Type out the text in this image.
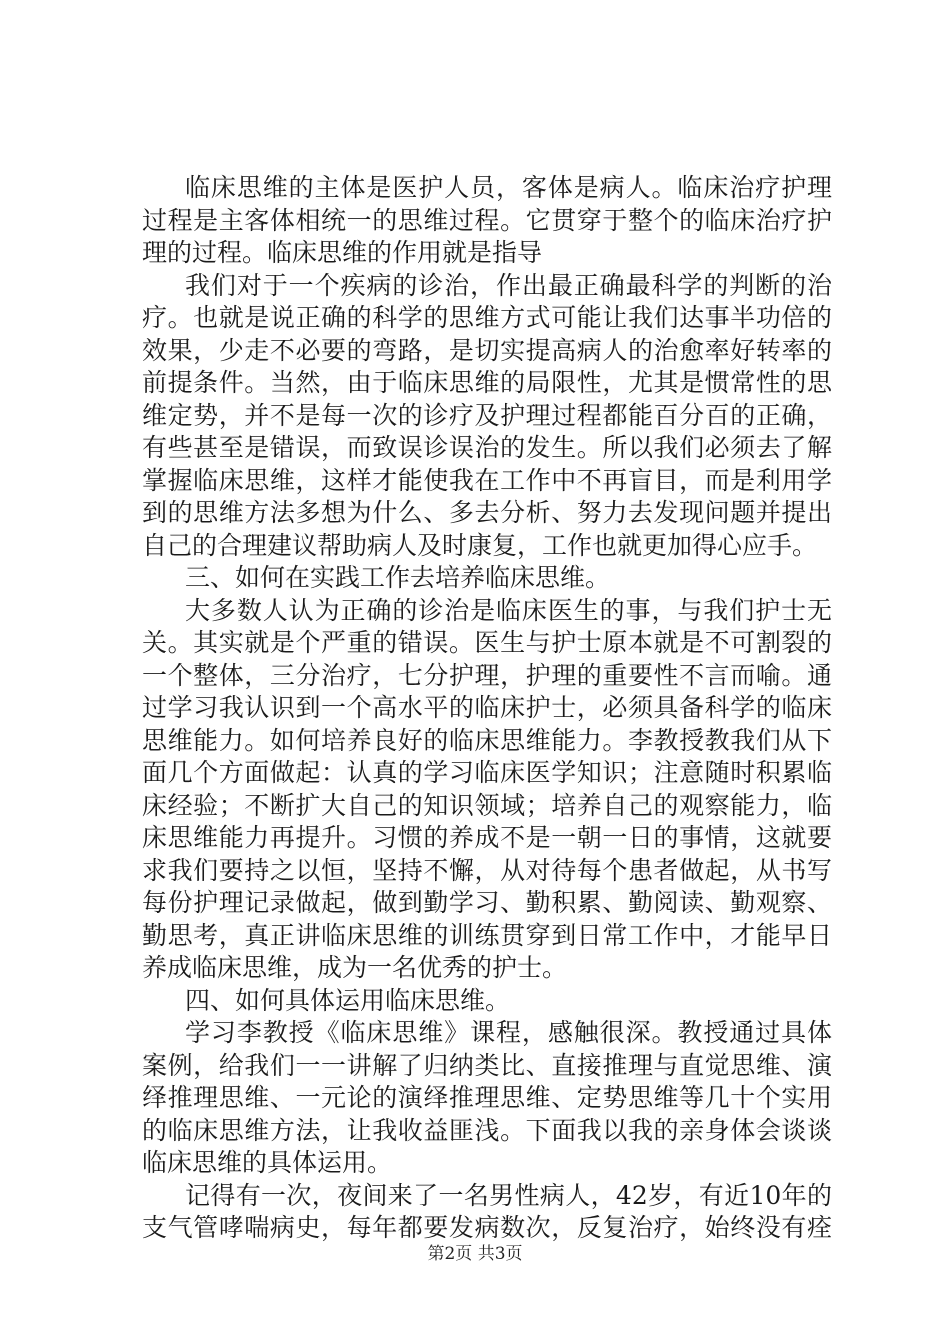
临床思维的主体是医护人员，客体是病人。临床治疗护理
过程是主客体相统一的思维过程。它贯穿于整个的临床治疗护
理的过程。临床思维的作用就是指导
我们对于一个疾病的诊治，作出最正确最科学的判断的治
疗。也就是说正确的科学的思维方式可能让我们达事半功倍的
效果，少走不必要的弯路，是切实提高病人的治愈率好转率的
前提条件。当然，由于临床思维的局限性，尤其是惯常性的思
维定势，并不是每一次的诊疗及护理过程都能百分百的正确，
有些甚至是错误，而致误诊误治的发生。所以我们必须去了解
掌握临床思维，这样才能使我在工作中不再盲目，而是利用学
到的思维方法多想为什么、多去分析、努力去发现问题并提出
自己的合理建议帮助病人及时康复，工作也就更加得心应手。
三、如何在实践工作去培养临床思维。
大多数人认为正确的诊治是临床医生的事，与我们护士无
关。其实就是个严重的错误。医生与护士原本就是不可割裂的
一个整体，三分治疗，七分护理，护理的重要性不言而喻。通
过学习我认识到一个高水平的临床护士，必须具备科学的临床
思维能力。如何培养良好的临床思维能力。李教授教我们从下
面几个方面做起：认真的学习临床医学知识；注意随时积累临
床经验；不断扩大自己的知识领域；培养自己的观察能力，临
床思维能力再提升。习惯的养成不是一朝一日的事情，这就要
求我们要持之以恒，坚持不懈，从对待每个患者做起，从书写
每份护理记录做起，做到勤学习、勤积累、勤阅读、勤观察、
勤思考，真正讲临床思维的训练贯穿到日常工作中，才能早日
养成临床思维，成为一名优秀的护士。
四、如何具体运用临床思维。
学习李教授《临床思维》课程，感触很深。教授通过具体
案例，给我们一一讲解了归纳类比、直接推理与直觉思维、演
绎推理思维、一元论的演绎推理思维、定势思维等几十个实用
的临床思维方法，让我收益匪浅。下面我以我的亲身体会谈谈
临床思维的具体运用。
记得有一次，夜间来了一名男性病人，42岁，有近10年的
支气管哮喘病史，每年都要发病数次，反复治疗，始终没有痊
第2页 共3页
